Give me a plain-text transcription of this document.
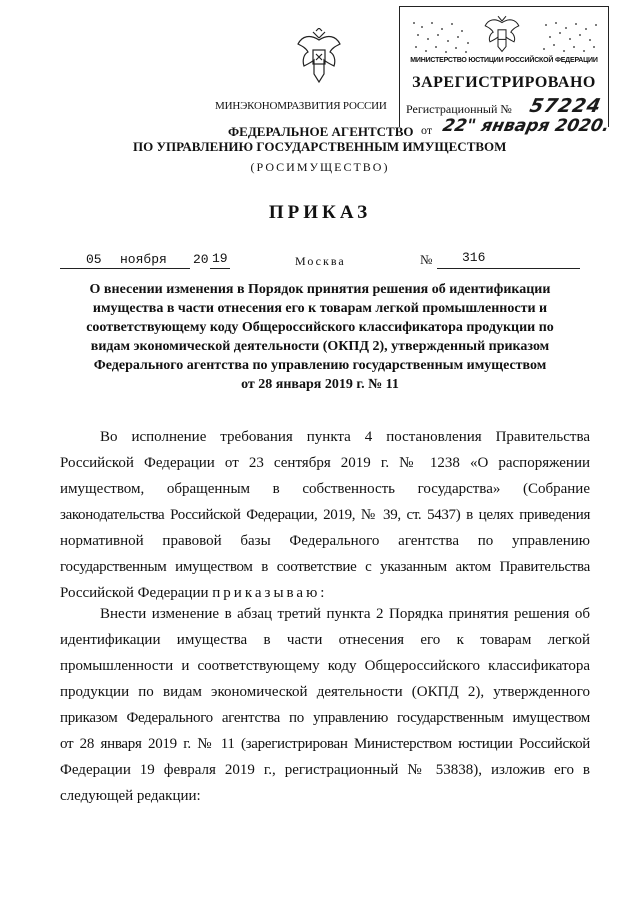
МИНЭКОНОМРАЗВИТИЯ РОССИИ
МИНИСТЕРСТВО ЮСТИЦИИ РОССИЙСКОЙ ФЕДЕРАЦИИ
ЗАРЕГИСТРИРОВАНО
Регистрационный № 57224
от 22" января 2020.
ФЕДЕРАЛЬНОЕ АГЕНТСТВО
ПО УПРАВЛЕНИЮ ГОСУДАРСТВЕННЫМ ИМУЩЕСТВОМ
(РОСИМУЩЕСТВО)
ПРИКАЗ
05 ноября 20 19	Москва	№ 316
О внесении изменения в Порядок принятия решения об идентификации
имущества в части отнесения его к товарам легкой промышленности и
соответствующему коду Общероссийского классификатора продукции по
видам экономической деятельности (ОКПД 2), утвержденный приказом
Федерального агентства по управлению государственным имуществом
от 28 января 2019 г. № 11
Во исполнение требования пункта 4 постановления Правительства
Российской Федерации от 23 сентября 2019 г. № 1238 «О распоряжении
имуществом, обращенным в собственность государства» (Собрание
законодательства Российской Федерации, 2019, № 39, ст. 5437) в целях приведения
нормативной правовой базы Федерального агентства по управлению
государственным имуществом в соответствие с указанным актом Правительства
Российской Федерации приказываю:
Внести изменение в абзац третий пункта 2 Порядка принятия решения об
идентификации имущества в части отнесения его к товарам легкой
промышленности и соответствующему коду Общероссийского классификатора
продукции по видам экономической деятельности (ОКПД 2), утвержденного
приказом Федерального агентства по управлению государственным имуществом
от 28 января 2019 г. № 11 (зарегистрирован Министерством юстиции Российской
Федерации 19 февраля 2019 г., регистрационный № 53838), изложив его в
следующей редакции:
